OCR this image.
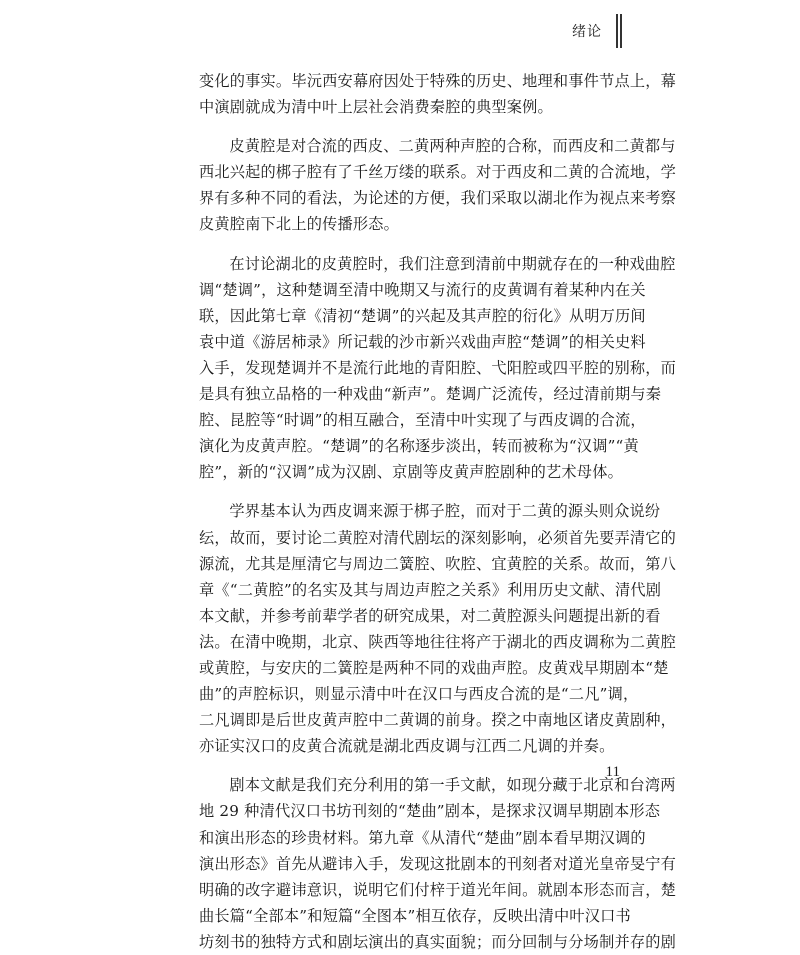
绪论

变化的事实。毕沅西安幕府因处于特殊的历史、地理和事件节点上，幕

中演剧就成为清中叶上层社会消费秦腔的典型案例。

皮黄腔是对合流的西皮、二黄两种声腔的合称，而西皮和二黄都与

西北兴起的梆子腔有了千丝万缕的联系。对于西皮和二黄的合流地，学

界有多种不同的看法，为论述的方便，我们采取以湖北作为视点来考察

皮黄腔南下北上的传播形态。

在讨论湖北的皮黄腔时，我们注意到清前中期就存在的一种戏曲腔

调“楚调”，这种楚调至清中晚期又与流行的皮黄调有着某种内在关

联，因此第七章《清初“楚调”的兴起及其声腔的衍化》从明万历间

袁中道《游居柿录》所记载的沙市新兴戏曲声腔“楚调”的相关史料

入手，发现楚调并不是流行此地的青阳腔、弋阳腔或四平腔的别称，而

是具有独立品格的一种戏曲“新声”。楚调广泛流传，经过清前期与秦

腔、昆腔等“时调”的相互融合，至清中叶实现了与西皮调的合流，

演化为皮黄声腔。“楚调”的名称逐步淡出，转而被称为“汉调”“黄

腔”，新的“汉调”成为汉剧、京剧等皮黄声腔剧种的艺术母体。

学界基本认为西皮调来源于梆子腔，而对于二黄的源头则众说纷

纭，故而，要讨论二黄腔对清代剧坛的深刻影响，必须首先要弄清它的

源流，尤其是厘清它与周边二簧腔、吹腔、宜黄腔的关系。故而，第八

章《“二黄腔”的名实及其与周边声腔之关系》利用历史文献、清代剧

本文献，并参考前辈学者的研究成果，对二黄腔源头问题提出新的看

法。在清中晚期，北京、陕西等地往往将产于湖北的西皮调称为二黄腔

或黄腔，与安庆的二簧腔是两种不同的戏曲声腔。皮黄戏早期剧本“楚

曲”的声腔标识，则显示清中叶在汉口与西皮合流的是“二凡”调，

二凡调即是后世皮黄声腔中二黄调的前身。揆之中南地区诸皮黄剧种，

亦证实汉口的皮黄合流就是湖北西皮调与江西二凡调的并奏。

剧本文献是我们充分利用的第一手文献，如现分藏于北京和台湾两

地 29 种清代汉口书坊刊刻的“楚曲”剧本，是探求汉调早期剧本形态

和演出形态的珍贵材料。第九章《从清代“楚曲”剧本看早期汉调的

演出形态》首先从避讳入手，发现这批剧本的刊刻者对道光皇帝旻宁有

明确的改字避讳意识，说明它们付梓于道光年间。就剧本形态而言，楚

曲长篇“全部本”和短篇“全图本”相互依存，反映出清中叶汉口书

坊刻书的独特方式和剧坛演出的真实面貌；而分回制与分场制并存的剧

11
